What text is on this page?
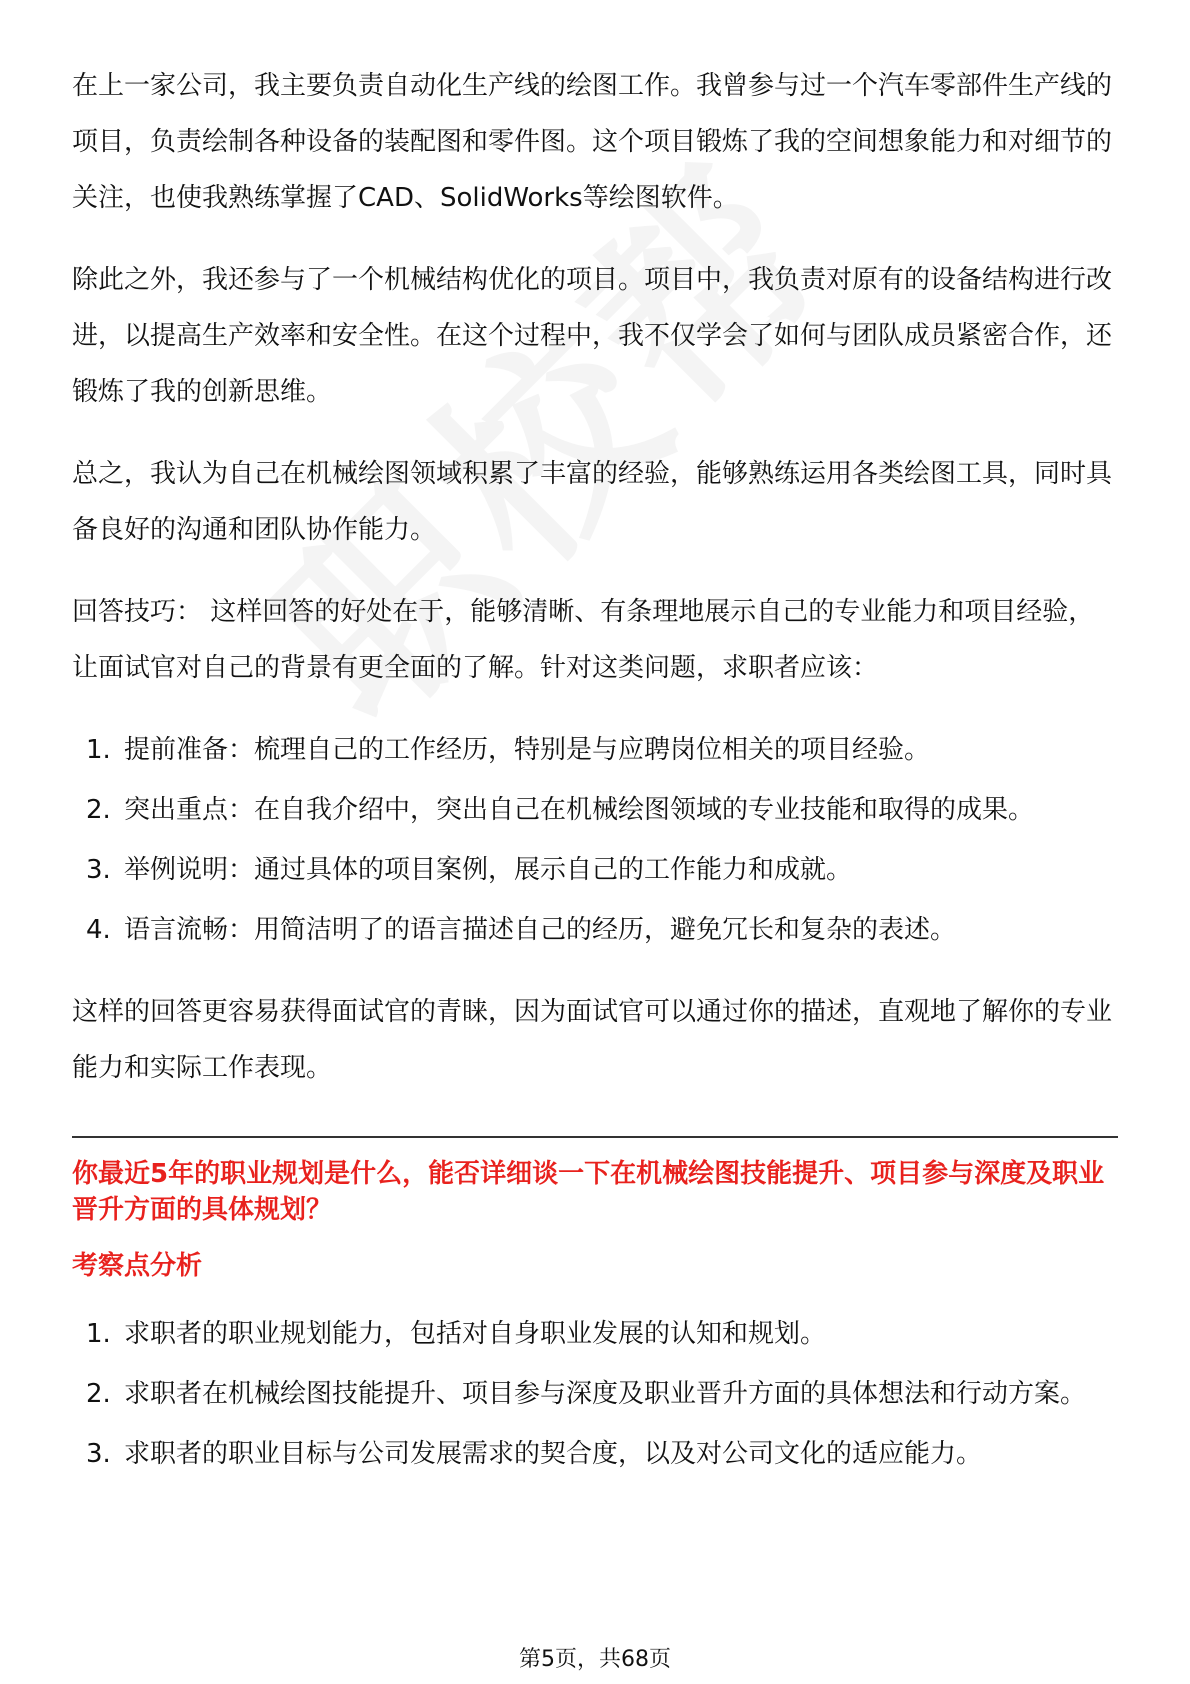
在上一家公司，我主要负责自动化生产线的绘图工作。我曾参与过一个汽车零部件生产线的项目，负责绘制各种设备的装配图和零件图。这个项目锻炼了我的空间想象能力和对细节的关注，也使我熟练掌握了CAD、SolidWorks等绘图软件。

除此之外，我还参与了一个机械结构优化的项目。项目中，我负责对原有的设备结构进行改进，以提高生产效率和安全性。在这个过程中，我不仅学会了如何与团队成员紧密合作，还锻炼了我的创新思维。

总之，我认为自己在机械绘图领域积累了丰富的经验，能够熟练运用各类绘图工具，同时具备良好的沟通和团队协作能力。

回答技巧： 这样回答的好处在于，能够清晰、有条理地展示自己的专业能力和项目经验，让面试官对自己的背景有更全面的了解。针对这类问题，求职者应该：

1. 提前准备：梳理自己的工作经历，特别是与应聘岗位相关的项目经验。
2. 突出重点：在自我介绍中，突出自己在机械绘图领域的专业技能和取得的成果。
3. 举例说明：通过具体的项目案例，展示自己的工作能力和成就。
4. 语言流畅：用简洁明了的语言描述自己的经历，避免冗长和复杂的表述。

这样的回答更容易获得面试官的青睐，因为面试官可以通过你的描述，直观地了解你的专业能力和实际工作表现。

你最近5年的职业规划是什么，能否详细谈一下在机械绘图技能提升、项目参与深度及职业晋升方面的具体规划？
考察点分析
1. 求职者的职业规划能力，包括对自身职业发展的认知和规划。
2. 求职者在机械绘图技能提升、项目参与深度及职业晋升方面的具体想法和行动方案。
3. 求职者的职业目标与公司发展需求的契合度，以及对公司文化的适应能力。
第5页，共68页
